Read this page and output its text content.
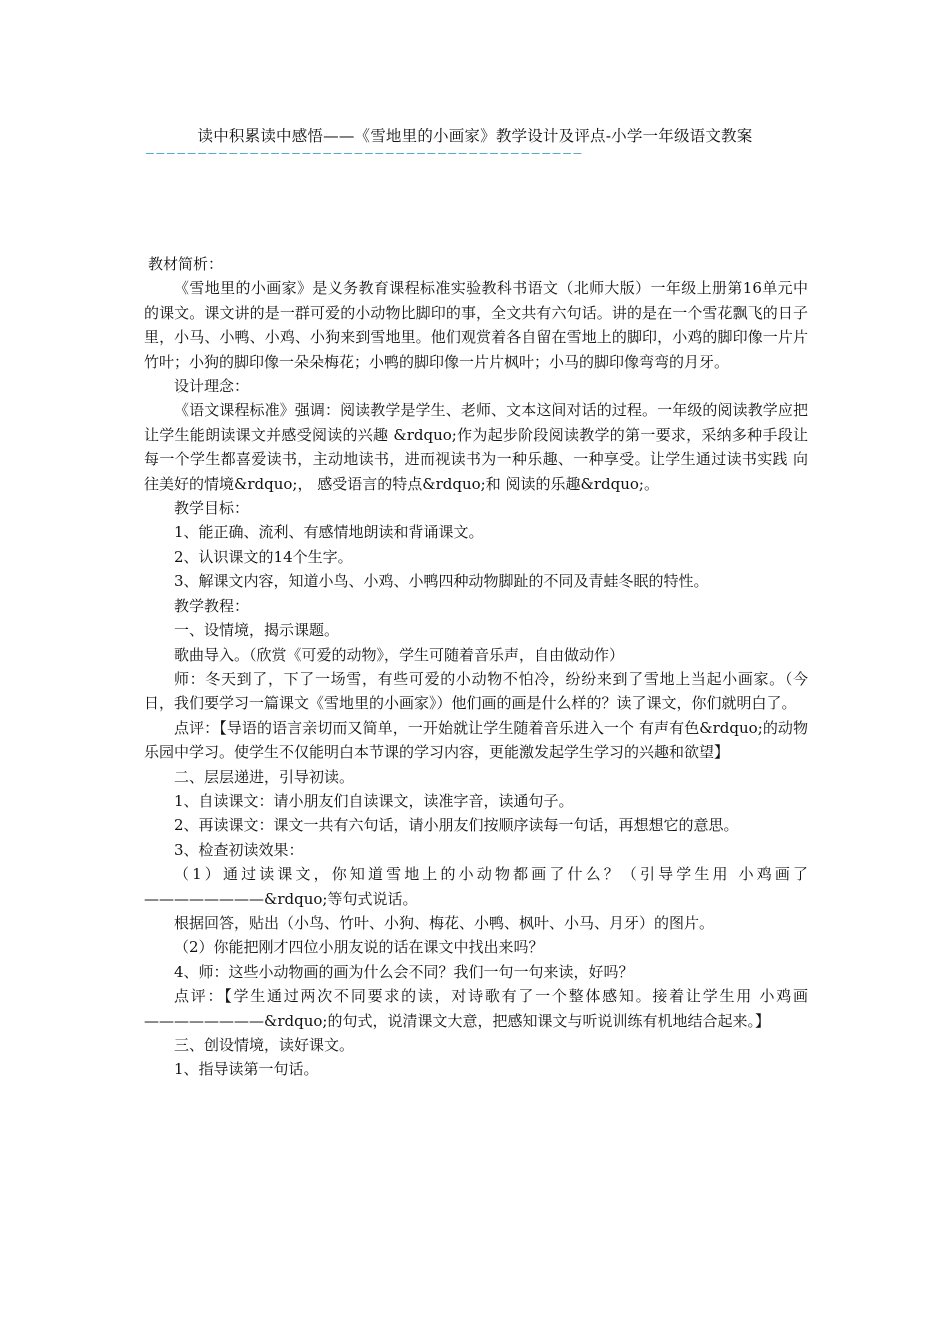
读中积累读中感悟——《雪地里的小画家》教学设计及评点-小学一年级语文教案
——————————————————————————————————————————

教材简析：

《雪地里的小画家》是义务教育课程标准实验教科书语文（北师大版）一年级上册第16单元中的课文。课文讲的是一群可爱的小动物比脚印的事，全文共有六句话。讲的是在一个雪花飘飞的日子里，小马、小鸭、小鸡、小狗来到雪地里。他们观赏着各自留在雪地上的脚印，小鸡的脚印像一片片竹叶；小狗的脚印像一朵朵梅花；小鸭的脚印像一片片枫叶；小马的脚印像弯弯的月牙。

设计理念：

《语文课程标准》强调：阅读教学是学生、老师、文本这间对话的过程。一年级的阅读教学应把 让学生能朗读课文并感受阅读的兴趣 &rdquo;作为起步阶段阅读教学的第一要求，采纳多种手段让每一个学生都喜爱读书，主动地读书，进而视读书为一种乐趣、一种享受。让学生通过读书实践 向往美好的情境&rdquo;， 感受语言的特点&rdquo;和 阅读的乐趣&rdquo;。

教学目标：

1、能正确、流利、有感情地朗读和背诵课文。

2、认识课文的14个生字。

3、解课文内容，知道小鸟、小鸡、小鸭四种动物脚趾的不同及青蛙冬眠的特性。

教学教程：

一、设情境，揭示课题。

歌曲导入。（欣赏《可爱的动物》，学生可随着音乐声，自由做动作）

师：冬天到了，下了一场雪，有些可爱的小动物不怕冷，纷纷来到了雪地上当起小画家。（今日，我们要学习一篇课文《雪地里的小画家》）他们画的画是什么样的？读了课文，你们就明白了。

点评：【导语的语言亲切而又简单，一开始就让学生随着音乐进入一个 有声有色&rdquo;的动物乐园中学习。使学生不仅能明白本节课的学习内容，更能激发起学生学习的兴趣和欲望】

二、层层递进，引导初读。

1、自读课文：请小朋友们自读课文，读准字音，读通句子。

2、再读课文：课文一共有六句话，请小朋友们按顺序读每一句话，再想想它的意思。

3、检查初读效果：

（1）通过读课文，你知道雪地上的小动物都画了什么？（引导学生用 小鸡画了————————&rdquo;等句式说话。

根据回答，贴出（小鸟、竹叶、小狗、梅花、小鸭、枫叶、小马、月牙）的图片。

（2）你能把刚才四位小朋友说的话在课文中找出来吗？

4、师：这些小动物画的画为什么会不同？我们一句一句来读，好吗？

点评：【学生通过两次不同要求的读，对诗歌有了一个整体感知。接着让学生用 小鸡画————————&rdquo;的句式，说清课文大意，把感知课文与听说训练有机地结合起来。】

三、创设情境，读好课文。

1、指导读第一句话。
